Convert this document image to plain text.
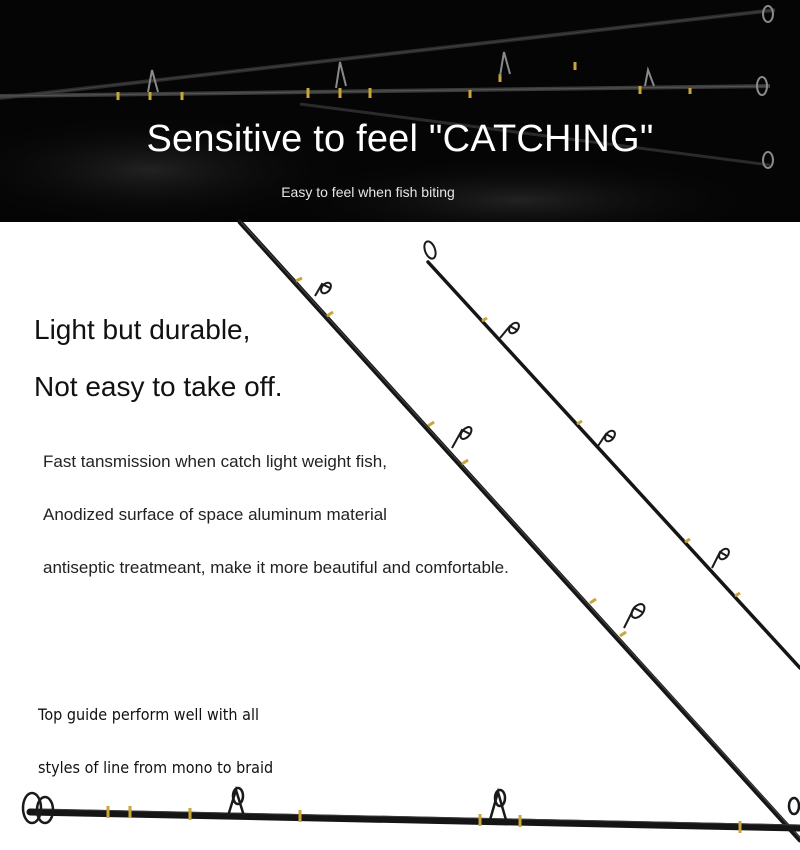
Sensitive to feel "CATCHING"
Easy to feel when fish biting
Light but durable,
Not easy to take off.
Fast tansmission when catch light weight fish,
Anodized surface of space aluminum material
antiseptic treatmeant, make it more beautiful and comfortable.
Top guide perform well with all
styles of line from mono to braid
